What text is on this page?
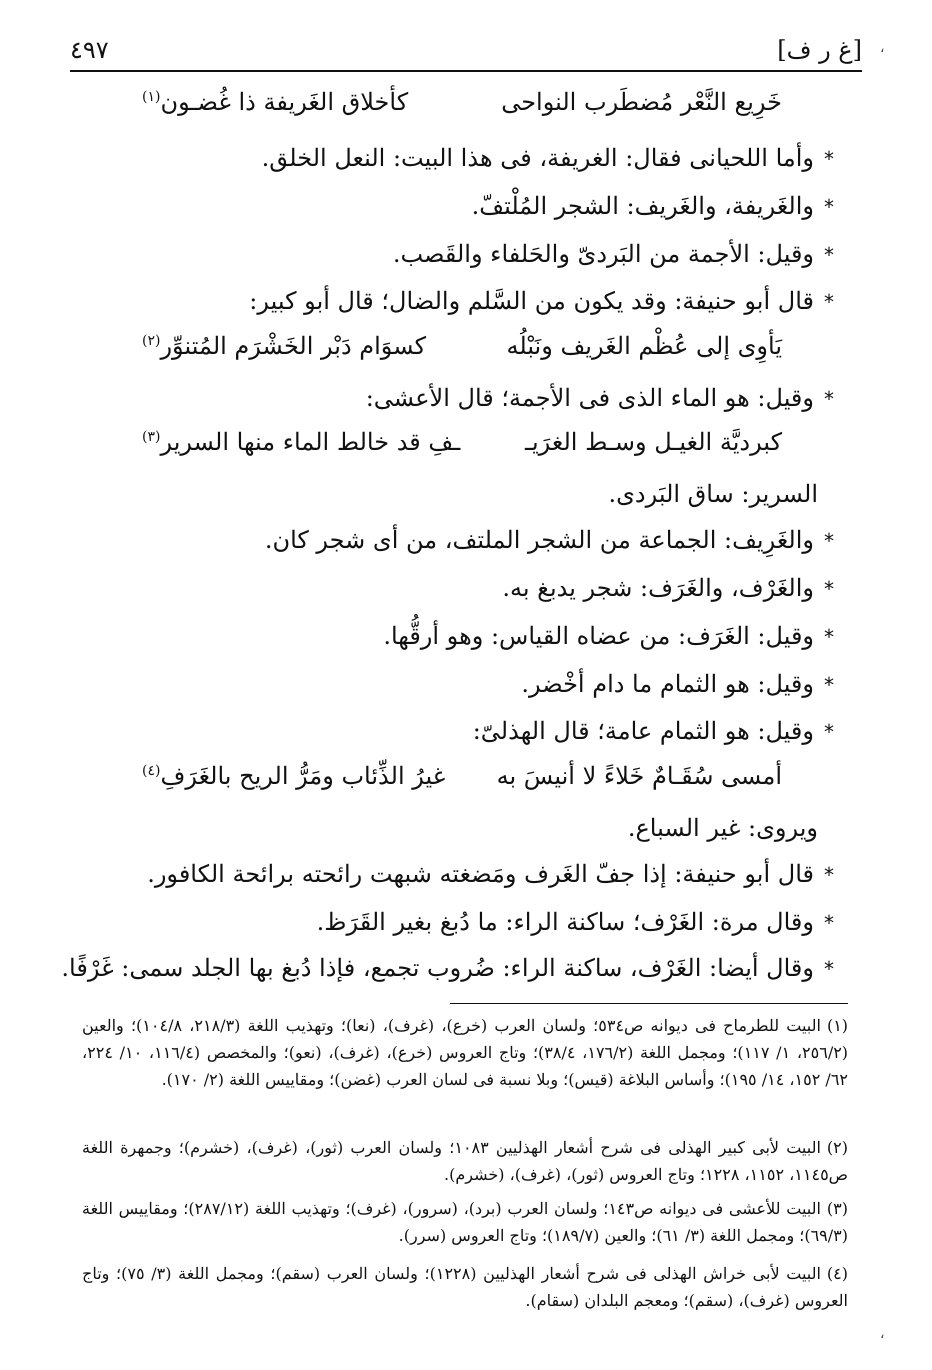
[غ ر ف]
٤٩٧	،
خَرِيع النَّعْر مُضطَرب النواحى
كأخلاق الغَريفة ذا غُضـون$^{(١)}$
*وأما اللحيانى فقال: الغريفة، فى هذا البيت: النعل الخلق.
*والغَريفة، والغَريف: الشجر المُلْتفّ.
*وقيل: الأجمة من البَردىّ والحَلفاء والقَصب.
*قال أبو حنيفة: وقد يكون من السَّلم والضال؛ قال أبو كبير:
يَأوِى إلى عُظْم الغَريف ونَبْلُه
كسوَام دَبْر الخَشْرَم المُتنوِّر$^{(٢)}$
*وقيل: هو الماء الذى فى الأجمة؛ قال الأعشى:
كبرديَّة الغيـل وسـط الغرَيـ
ـفِ قد خالط الماء منها السرير$^{(٣)}$
السرير: ساق البَردى.
*والغَرِيف: الجماعة من الشجر الملتف، من أى شجر كان.
*والغَرْف، والغَرَف: شجر يدبغ به.
*وقيل: الغَرَف: من عضاه القياس: وهو أرقُّها.
*وقيل: هو الثمام ما دام أخْضر.
*وقيل: هو الثمام عامة؛ قال الهذلىّ:
أمسى سُقَـامٌ خَلاءً لا أنيسَ به
غيرُ الذِّئاب ومَرُّ الريح بالغَرَفِ$^{(٤)}$
ويروى: غير السباع.
*قال أبو حنيفة: إذا جفّ الغَرف ومَضغته شبهت رائحته برائحة الكافور.
*وقال مرة: الغَرْف؛ ساكنة الراء: ما دُبغ بغير القَرَظ.
*وقال أيضا: الغَرْف، ساكنة الراء: ضُروب تجمع، فإذا دُبغ بها الجلد سمى: غَرْفًا.
(١)البيت للطرماح فى ديوانه ص٥٣٤؛ ولسان العرب (خرع)، (غرف)، (نعا)؛ وتهذيب اللغة (٢١٨/٣، ١٠٤/٨)؛ والعين (٢٥٦/٢، ١/ ١١٧)؛ ومجمل اللغة (١٧٦/٢، ٣٨/٤)؛ وتاج العروس (خرع)، (غرف)، (نعو)؛ والمخصص (١١٦/٤، ١٠/ ٢٢٤، ٦٢/ ١٥٢، ١٤/ ١٩٥)؛ وأساس البلاغة (قيس)؛ وبلا نسبة فى لسان العرب (غضن)؛ ومقاييس اللغة (٢/ ١٧٠).
(٢)البيت لأبى كبير الهذلى فى شرح أشعار الهذليين ١٠٨٣؛ ولسان العرب (ثور)، (غرف)، (خشرم)؛ وجمهرة اللغة ص١١٤٥، ١١٥٢، ١٢٢٨؛ وتاج العروس (ثور)، (غرف)، (خشرم).
(٣)البيت للأعشى فى ديوانه ص١٤٣؛ ولسان العرب (برد)، (سرور)، (غرف)؛ وتهذيب اللغة (٢٨٧/١٢)؛ ومقاييس اللغة (٦٩/٣)؛ ومجمل اللغة (٣/ ٦١)؛ والعين (١٨٩/٧)؛ وتاج العروس (سرر).
(٤)البيت لأبى خراش الهذلى فى شرح أشعار الهذليين (١٢٢٨)؛ ولسان العرب (سقم)؛ ومجمل اللغة (٣/ ٧٥)؛ وتاج العروس (غرف)، (سقم)؛ ومعجم البلدان (سقام).
،
